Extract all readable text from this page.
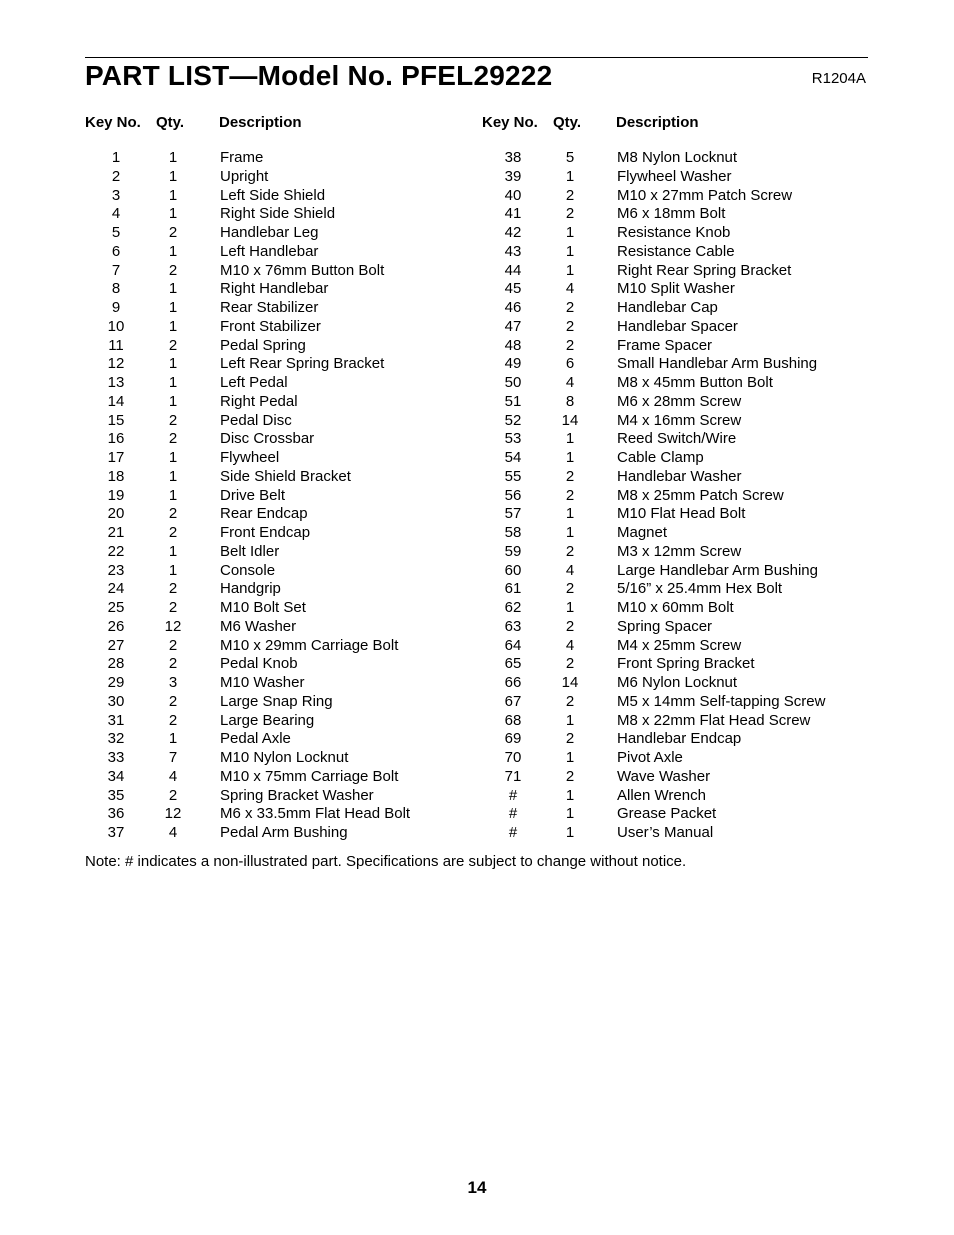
PART LIST—Model No. PFEL29222	R1204A
Key No. Qty. Description
1	1	Frame
2	1	Upright
3	1	Left Side Shield
4	1	Right Side Shield
5	2	Handlebar Leg
6	1	Left Handlebar
7	2	M10 x 76mm Button Bolt
8	1	Right Handlebar
9	1	Rear Stabilizer
10	1	Front Stabilizer
11	2	Pedal Spring
12	1	Left Rear Spring Bracket
13	1	Left Pedal
14	1	Right Pedal
15	2	Pedal Disc
16	2	Disc Crossbar
17	1	Flywheel
18	1	Side Shield Bracket
19	1	Drive Belt
20	2	Rear Endcap
21	2	Front Endcap
22	1	Belt Idler
23	1	Console
24	2	Handgrip
25	2	M10 Bolt Set
26	12	M6 Washer
27	2	M10 x 29mm Carriage Bolt
28	2	Pedal Knob
29	3	M10 Washer
30	2	Large Snap Ring
31	2	Large Bearing
32	1	Pedal Axle
33	7	M10 Nylon Locknut
34	4	M10 x 75mm Carriage Bolt
35	2	Spring Bracket Washer
36	12	M6 x 33.5mm Flat Head Bolt
37	4	Pedal Arm Bushing
Key No. Qty. Description
38	5	M8 Nylon Locknut
39	1	Flywheel Washer
40	2	M10 x 27mm Patch Screw
41	2	M6 x 18mm Bolt
42	1	Resistance Knob
43	1	Resistance Cable
44	1	Right Rear Spring Bracket
45	4	M10 Split Washer
46	2	Handlebar Cap
47	2	Handlebar Spacer
48	2	Frame Spacer
49	6	Small Handlebar Arm Bushing
50	4	M8 x 45mm Button Bolt
51	8	M6 x 28mm Screw
52	14	M4 x 16mm Screw
53	1	Reed Switch/Wire
54	1	Cable Clamp
55	2	Handlebar Washer
56	2	M8 x 25mm Patch Screw
57	1	M10 Flat Head Bolt
58	1	Magnet
59	2	M3 x 12mm Screw
60	4	Large Handlebar Arm Bushing
61	2	5/16” x 25.4mm Hex Bolt
62	1	M10 x 60mm Bolt
63	2	Spring Spacer
64	4	M4 x 25mm Screw
65	2	Front Spring Bracket
66	14	M6 Nylon Locknut
67	2	M5 x 14mm Self-tapping Screw
68	1	M8 x 22mm Flat Head Screw
69	2	Handlebar Endcap
70	1	Pivot Axle
71	2	Wave Washer
#	1	Allen Wrench
#	1	Grease Packet
#	1	User’s Manual
Note: # indicates a non-illustrated part. Specifications are subject to change without notice.
14
